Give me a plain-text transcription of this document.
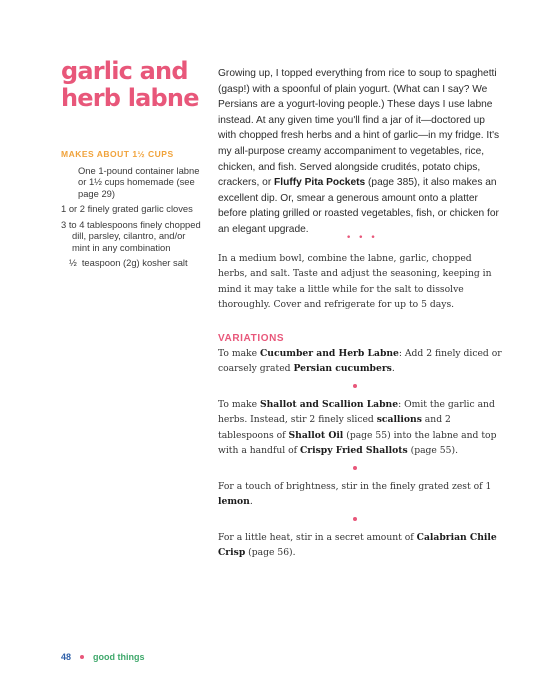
garlic and
herb labne
MAKES ABOUT 1½ CUPS
One 1-pound container labne or 1½ cups homemade (see page 29)
1 or 2 finely grated garlic cloves
3 to 4 tablespoons finely chopped dill, parsley, cilantro, and/or mint in any combination
½ teaspoon (2g) kosher salt

Growing up, I topped everything from rice to soup to spaghetti (gasp!) with a spoonful of plain yogurt. (What can I say? We Persians are a yogurt-loving people.) These days I use labne instead. At any given time you'll find a jar of it—doctored up with chopped fresh herbs and a hint of garlic—in my fridge. It's my all-purpose creamy accompaniment to vegetables, rice, chicken, and fish. Served alongside crudités, potato chips, crackers, or Fluffy Pita Pockets (page 385), it also makes an excellent dip. Or, smear a generous amount onto a platter before plating grilled or roasted vegetables, fish, or chicken for an elegant upgrade.

• • •

In a medium bowl, combine the labne, garlic, chopped herbs, and salt. Taste and adjust the seasoning, keeping in mind it may take a little while for the salt to dissolve thoroughly. Cover and refrigerate for up to 5 days.

VARIATIONS

To make Cucumber and Herb Labne: Add 2 finely diced or coarsely grated Persian cucumbers.

To make Shallot and Scallion Labne: Omit the garlic and herbs. Instead, stir 2 finely sliced scallions and 2 tablespoons of Shallot Oil (page 55) into the labne and top with a handful of Crispy Fried Shallots (page 55).

For a touch of brightness, stir in the finely grated zest of 1 lemon.

For a little heat, stir in a secret amount of Calabrian Chile Crisp (page 56).

48 good things
